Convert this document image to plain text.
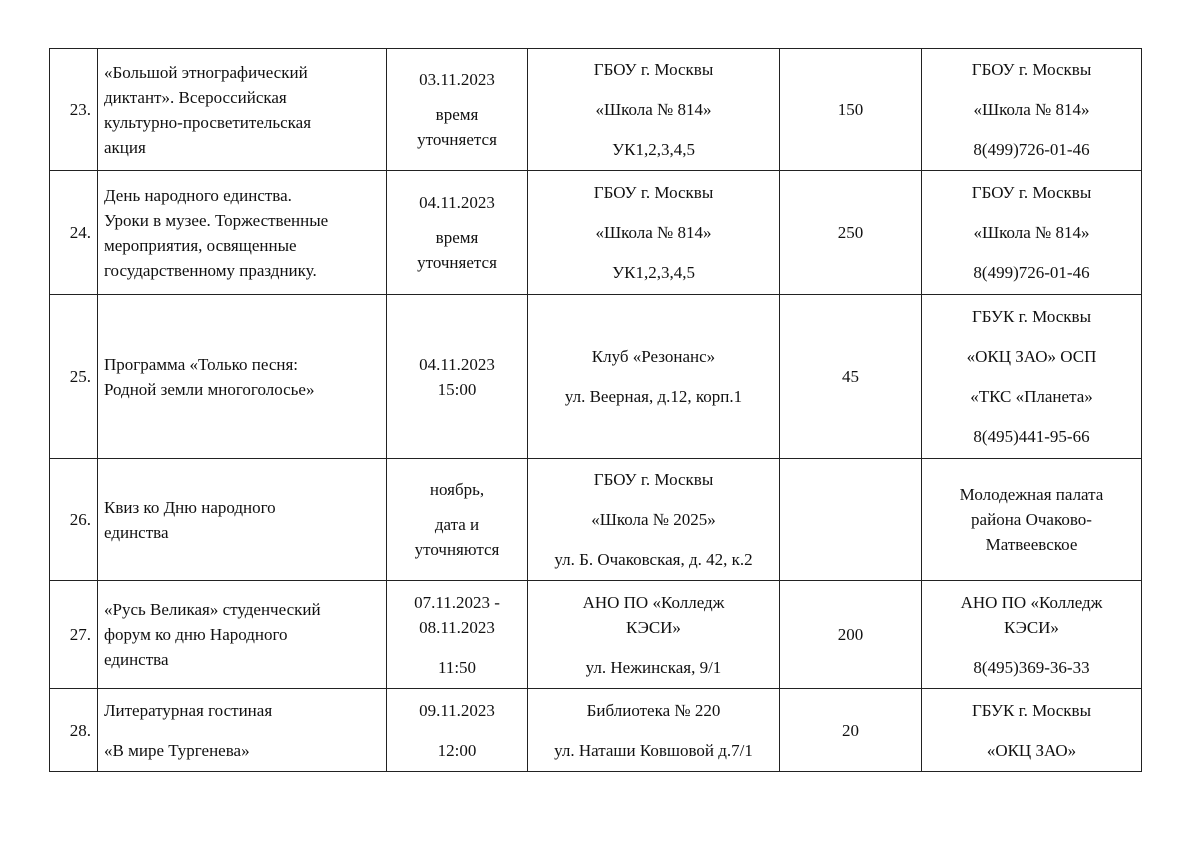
23.	«Большой этнографический
диктант». Всероссийская
культурно-просветительская
акция	03.11.2023
время
уточняется	ГБОУ г. Москвы
«Школа № 814»
УК1,2,3,4,5	150	ГБОУ г. Москвы
«Школа № 814»
8(499)726-01-46

24.	День народного единства.
Уроки в музее. Торжественные
мероприятия, освященные
государственному празднику.	04.11.2023
время
уточняется	ГБОУ г. Москвы
«Школа № 814»
УК1,2,3,4,5	250	ГБОУ г. Москвы
«Школа № 814»
8(499)726-01-46

25.	Программа «Только песня:
Родной земли многоголосье»	04.11.2023
15:00	Клуб «Резонанс»
ул. Веерная, д.12, корп.1	45	ГБУК г. Москвы
«ОКЦ ЗАО» ОСП
«ТКС «Планета»
8(495)441-95-66

26.	Квиз ко Дню народного
единства	ноябрь,
дата и
уточняются	ГБОУ г. Москвы
«Школа № 2025»
ул. Б. Очаковская, д. 42, к.2		Молодежная палата
района Очаково-
Матвеевское

27.	«Русь Великая» студенческий
форум ко дню Народного
единства	07.11.2023 -
08.11.2023
11:50	АНО ПО «Колледж
КЭСИ»
ул. Нежинская, 9/1	200	АНО ПО «Колледж
КЭСИ»
8(495)369-36-33

28.	Литературная гостиная
«В мире Тургенева»	09.11.2023
12:00	Библиотека № 220
ул. Наташи Ковшовой д.7/1	20	ГБУК г. Москвы
«ОКЦ ЗАО»
